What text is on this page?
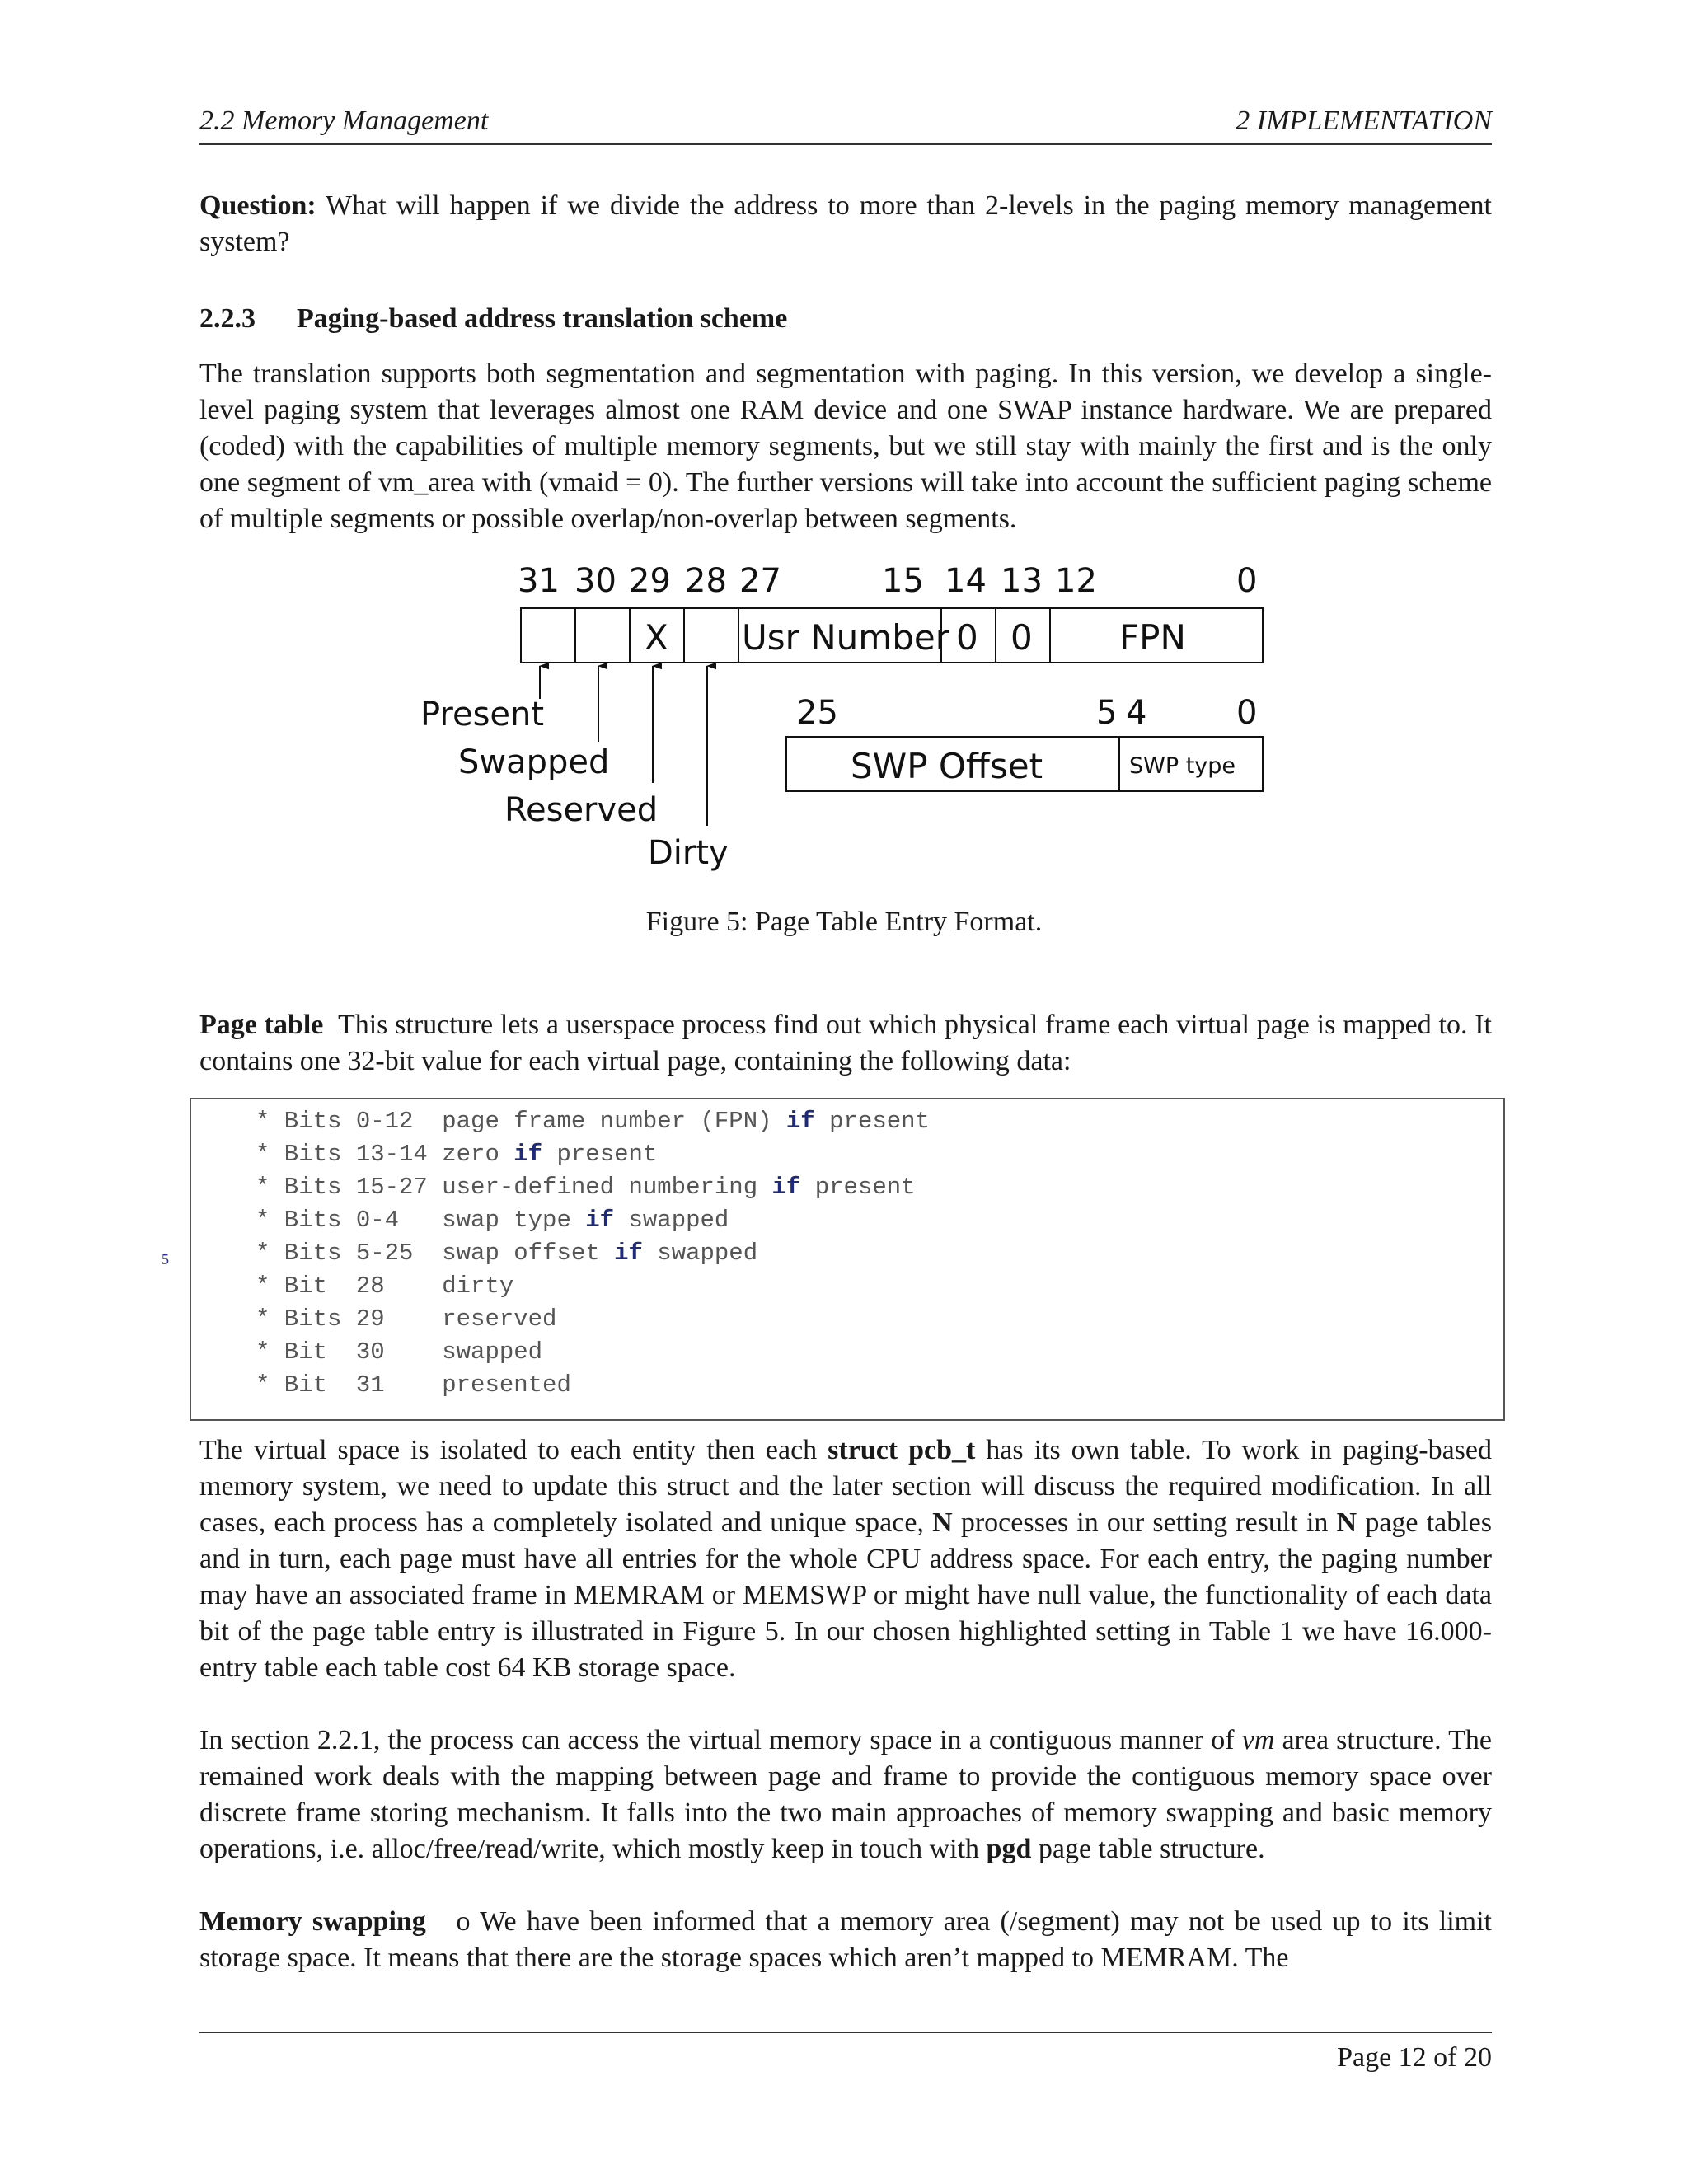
2.2 Memory Management	2 IMPLEMENTATION
Question: What will happen if we divide the address to more than 2-levels in the paging memory management system?
2.2.3 Paging-based address translation scheme
The translation supports both segmentation and segmentation with paging. In this version, we develop a single-level paging system that leverages almost one RAM device and one SWAP instance hardware. We are prepared (coded) with the capabilities of multiple memory segments, but we still stay with mainly the first and is the only one segment of vm_area with (vmaid = 0). The further versions will take into account the sufficient paging scheme of multiple segments or possible overlap/non-overlap between segments.
31 30 29 28 27	15 14 13 12	0
X Usr Number 0 0	FPN
Present
Swapped
Reserved
Dirty
25	5 4	0
SWP Offset	SWP type
Figure 5: Page Table Entry Format.
Page table This structure lets a userspace process find out which physical frame each virtual page is mapped to. It contains one 32-bit value for each virtual page, containing the following data:
5
* Bits 0-12  page frame number (FPN) if present
* Bits 13-14 zero if present
* Bits 15-27 user-defined numbering if present
* Bits 0-4   swap type if swapped
* Bits 5-25  swap offset if swapped
* Bit  28    dirty
* Bits 29    reserved
* Bit  30    swapped
* Bit  31    presented
The virtual space is isolated to each entity then each struct pcb_t has its own table. To work in paging-based memory system, we need to update this struct and the later section will discuss the required modification. In all cases, each process has a completely isolated and unique space, N processes in our setting result in N page tables and in turn, each page must have all entries for the whole CPU address space. For each entry, the paging number may have an associated frame in MEMRAM or MEMSWP or might have null value, the functionality of each data bit of the page table entry is illustrated in Figure 5. In our chosen highlighted setting in Table 1 we have 16.000-entry table each table cost 64 KB storage space.
In section 2.2.1, the process can access the virtual memory space in a contiguous manner of vm area structure. The remained work deals with the mapping between page and frame to provide the contiguous memory space over discrete frame storing mechanism. It falls into the two main approaches of memory swapping and basic memory operations, i.e. alloc/free/read/write, which mostly keep in touch with pgd page table structure.
Memory swapping o We have been informed that a memory area (/segment) may not be used up to its limit storage space. It means that there are the storage spaces which aren’t mapped to MEMRAM. The
Page 12 of 20
